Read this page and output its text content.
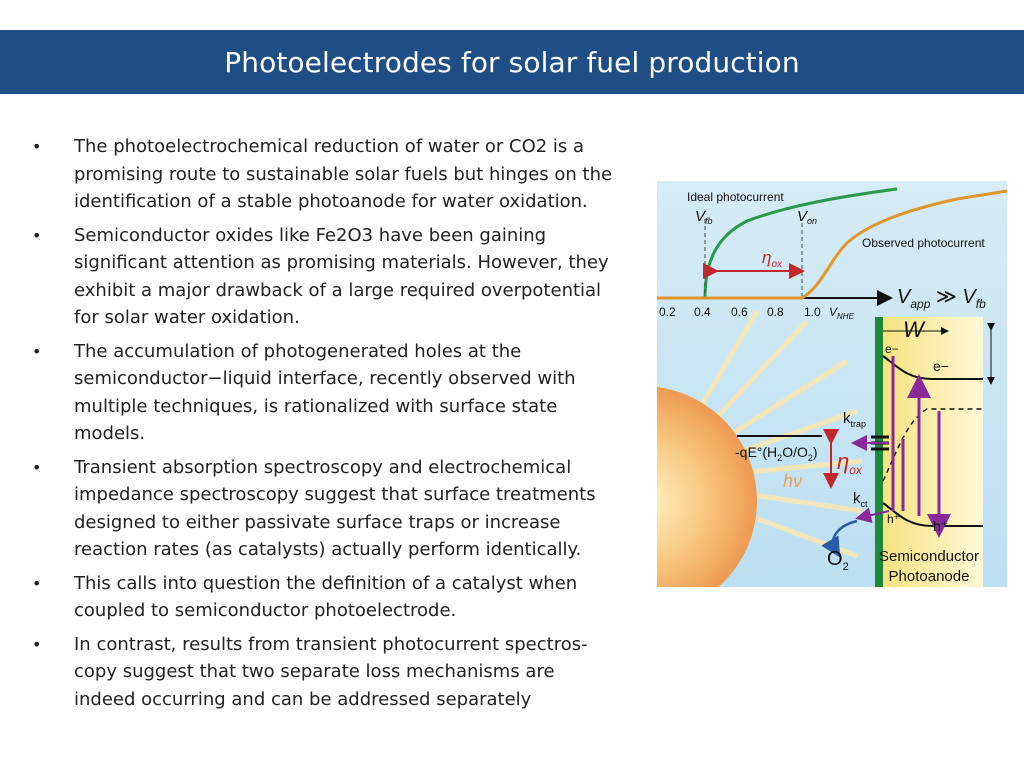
Photoelectrodes for solar fuel production
• The photoelectrochemical reduction of water or CO2 is a promising route to sustainable solar fuels but hinges on the identification of a stable photoanode for water oxidation.
• Semiconductor oxides like Fe2O3 have been gaining significant attention as promising materials. However, they exhibit a major drawback of a large required overpotential for solar water oxidation.
• The accumulation of photogenerated holes at the semiconductor−liquid interface, recently observed with multiple techniques, is rationalized with surface state models.
• Transient absorption spectroscopy and electrochemical impedance spectroscopy suggest that surface treatments designed to either passivate surface traps or increase reaction rates (as catalysts) actually perform identically.
• This calls into question the definition of a catalyst when coupled to semiconductor photoelectrode.
• In contrast, results from transient photocurrent spectros-copy suggest that two separate loss mechanisms are indeed occurring and can be addressed separately
0.2 0.4 0.6 0.8 1.0 $V_{NHE}$
$V_{app}$ ≫ $V_{fb}$
Ideal photocurrent
$V_{fb}$	$V_{on}$
Observed photocurrent
$\eta_{ox}$
W
e−
e−
$k_{trap}$
$-qE^\circ(H_2O/O_2)$ $\eta_{ox}$
hν
$k_{ct}$
h⁺ h⁺
$O_2$
Semiconductor
Photoanode
